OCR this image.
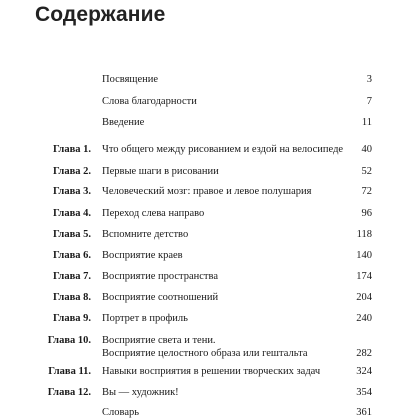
Содержание
Посвящение	3
Слова благодарности	7
Введение	11
Глава 1. Что общего между рисованием и ездой на велосипеде	40
Глава 2. Первые шаги в рисовании	52
Глава 3. Человеческий мозг: правое и левое полушария	72
Глава 4. Переход слева направо	96
Глава 5. Вспомните детство	118
Глава 6. Восприятие краев	140
Глава 7. Восприятие пространства	174
Глава 8. Восприятие соотношений	204
Глава 9. Портрет в профиль	240
Глава 10. Восприятие света и тени.
Восприятие целостного образа или гештальта	282
Глава 11. Навыки восприятия в решении творческих задач	324
Глава 12. Вы — художник!	354
Словарь	361
